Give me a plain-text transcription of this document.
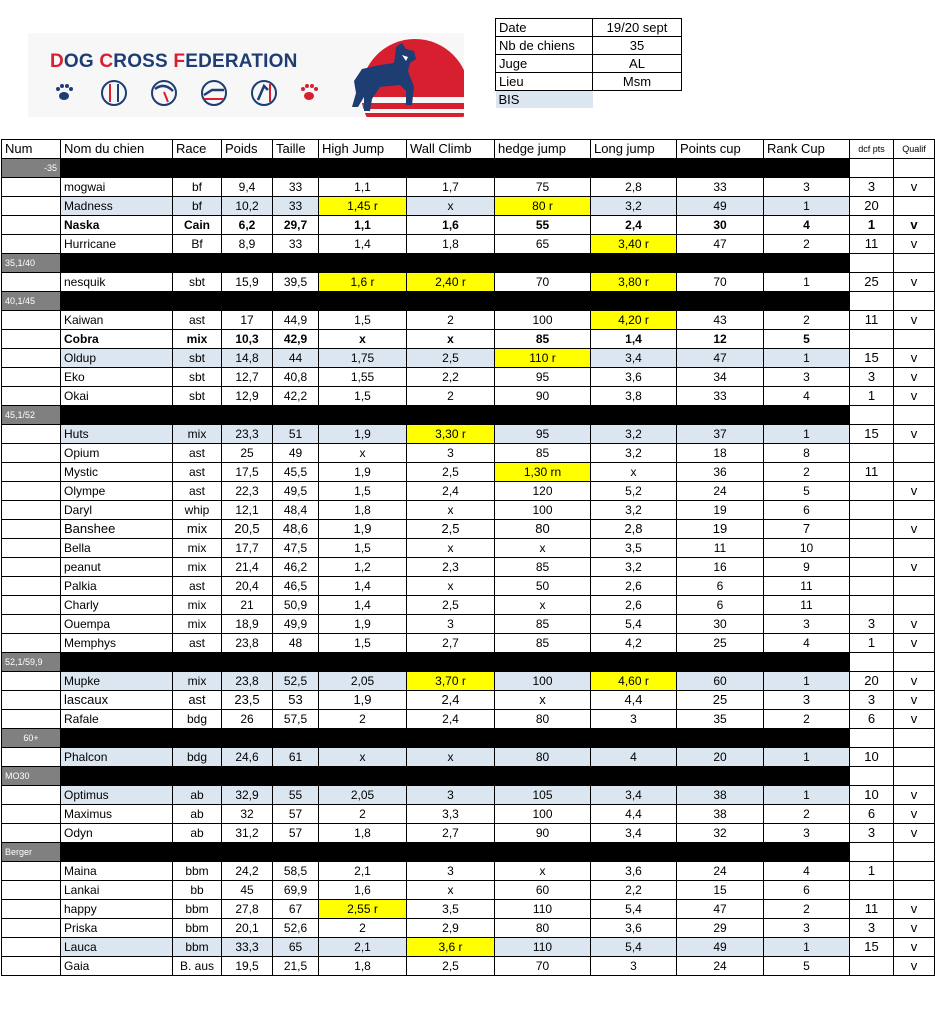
DOG CROSS FEDERATION
Date	19/20 sept
Nb de chiens	35
Juge	AL
Lieu	Msm
BIS	
Num	Nom du chien	Race	Poids	Taille	High Jump	Wall Climb	hedge jump	Long jump	Points cup	Rank Cup	dcf pts	Qualif
-35												
	mogwai	bf	9,4	33	1,1	1,7	75	2,8	33	3	3	v
	Madness	bf	10,2	33	1,45 r	x	80 r	3,2	49	1	20	
	Naska	Cain	6,2	29,7	1,1	1,6	55	2,4	30	4	1	v
	Hurricane	Bf	8,9	33	1,4	1,8	65	3,40 r	47	2	11	v
35,1/40												
	nesquik	sbt	15,9	39,5	1,6 r	2,40 r	70	3,80 r	70	1	25	v
40,1/45												
	Kaiwan	ast	17	44,9	1,5	2	100	4,20 r	43	2	11	v
	Cobra	mix	10,3	42,9	x	x	85	1,4	12	5		
	Oldup	sbt	14,8	44	1,75	2,5	110 r	3,4	47	1	15	v
	Eko	sbt	12,7	40,8	1,55	2,2	95	3,6	34	3	3	v
	Okai	sbt	12,9	42,2	1,5	2	90	3,8	33	4	1	v
45,1/52												
	Huts	mix	23,3	51	1,9	3,30 r	95	3,2	37	1	15	v
	Opium	ast	25	49	x	3	85	3,2	18	8		
	Mystic	ast	17,5	45,5	1,9	2,5	1,30 rn	x	36	2	11	
	Olympe	ast	22,3	49,5	1,5	2,4	120	5,2	24	5		v
	Daryl	whip	12,1	48,4	1,8	x	100	3,2	19	6		
	Banshee	mix	20,5	48,6	1,9	2,5	80	2,8	19	7		v
	Bella	mix	17,7	47,5	1,5	x	x	3,5	11	10		
	peanut	mix	21,4	46,2	1,2	2,3	85	3,2	16	9		v
	Palkia	ast	20,4	46,5	1,4	x	50	2,6	6	11		
	Charly	mix	21	50,9	1,4	2,5	x	2,6	6	11		
	Ouempa	mix	18,9	49,9	1,9	3	85	5,4	30	3	3	v
	Memphys	ast	23,8	48	1,5	2,7	85	4,2	25	4	1	v
52,1/59,9												
	Mupke	mix	23,8	52,5	2,05	3,70 r	100	4,60 r	60	1	20	v
	lascaux	ast	23,5	53	1,9	2,4	x	4,4	25	3	3	v
	Rafale	bdg	26	57,5	2	2,4	80	3	35	2	6	v
60+												
	Phalcon	bdg	24,6	61	x	x	80	4	20	1	10	
MO30												
	Optimus	ab	32,9	55	2,05	3	105	3,4	38	1	10	v
	Maximus	ab	32	57	2	3,3	100	4,4	38	2	6	v
	Odyn	ab	31,2	57	1,8	2,7	90	3,4	32	3	3	v
Berger												
	Maina	bbm	24,2	58,5	2,1	3	x	3,6	24	4	1	
	Lankai	bb	45	69,9	1,6	x	60	2,2	15	6		
	happy	bbm	27,8	67	2,55 r	3,5	110	5,4	47	2	11	v
	Priska	bbm	20,1	52,6	2	2,9	80	3,6	29	3	3	v
	Lauca	bbm	33,3	65	2,1	3,6 r	110	5,4	49	1	15	v
	Gaia	B. aus	19,5	21,5	1,8	2,5	70	3	24	5		v
